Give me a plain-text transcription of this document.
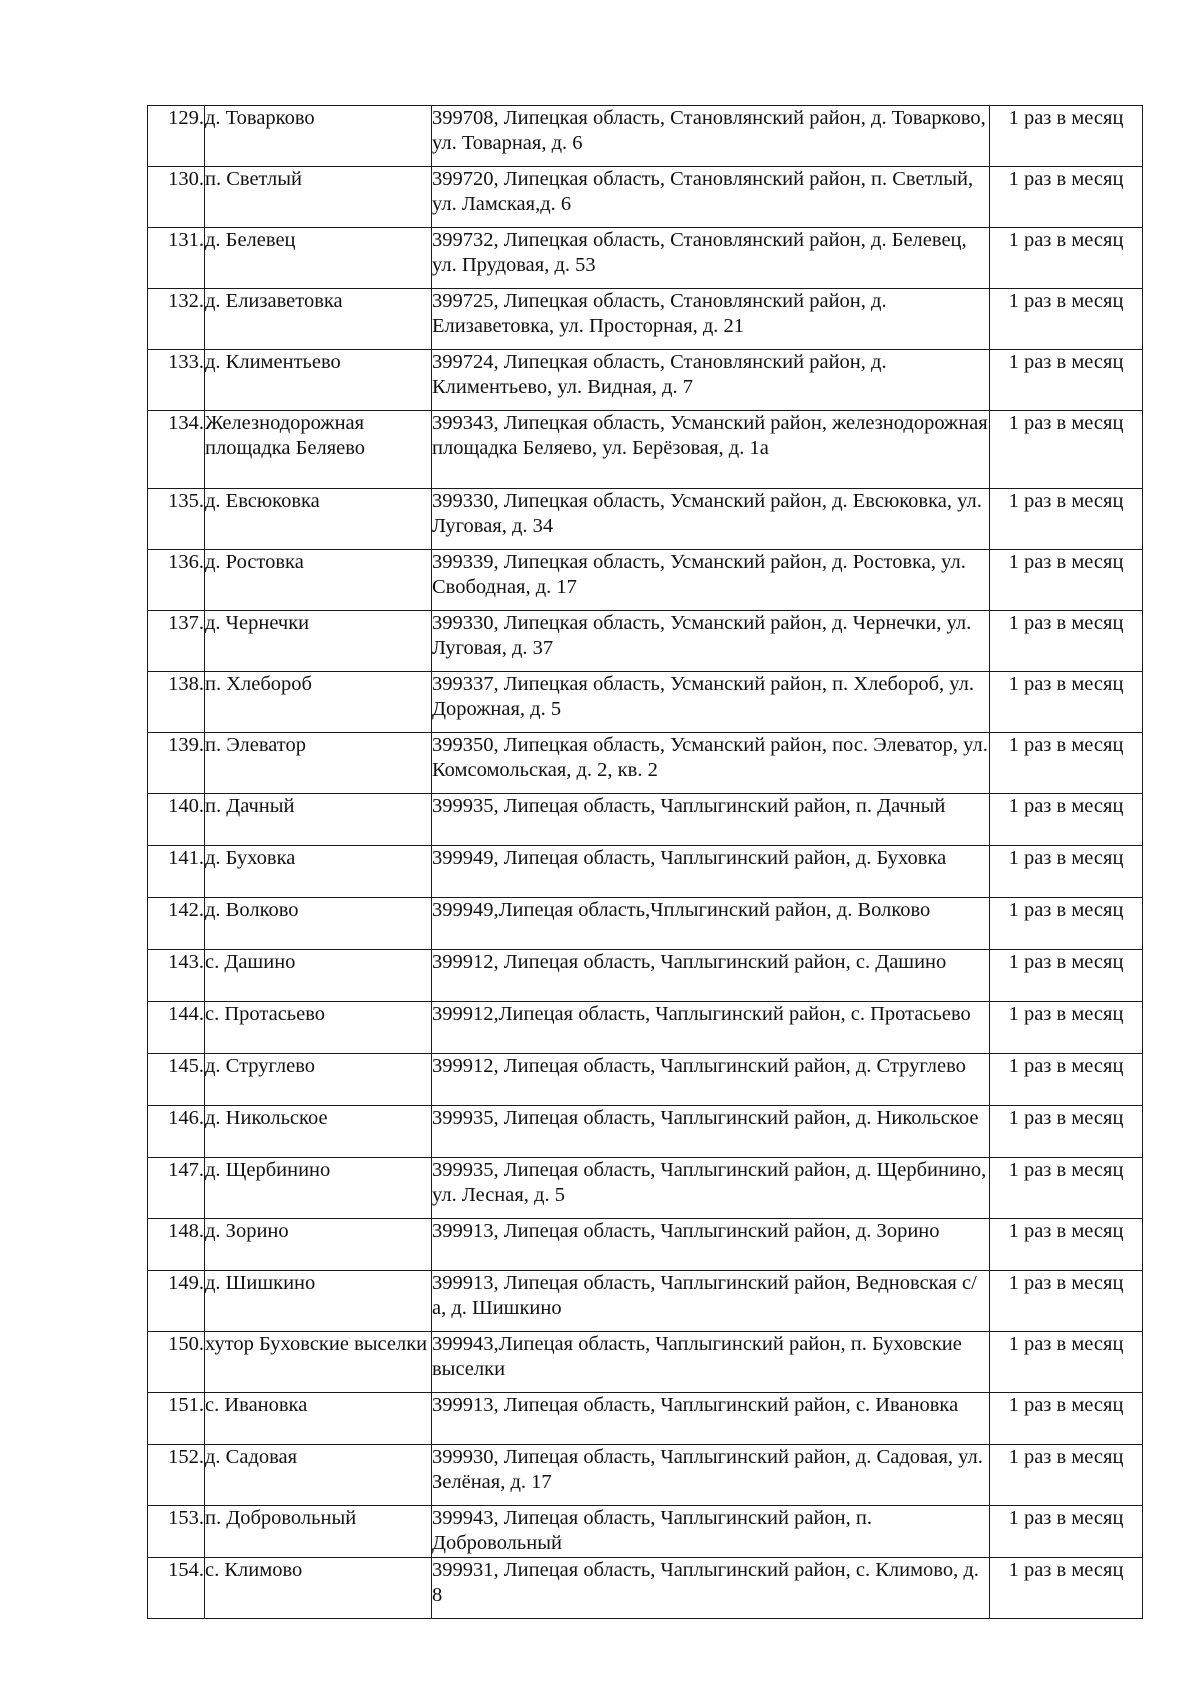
129.	д. Товарково	399708, Липецкая область, Становлянский район, д. Товарково, ул. Товарная, д. 6	1 раз в месяц
130.	п. Светлый	399720, Липецкая область, Становлянский район, п. Светлый, ул. Ламская,д. 6	1 раз в месяц
131.	д. Белевец	399732, Липецкая область, Становлянский район, д. Белевец, ул. Прудовая, д. 53	1 раз в месяц
132.	д. Елизаветовка	399725, Липецкая область, Становлянский район, д. Елизаветовка, ул. Просторная, д. 21	1 раз в месяц
133.	д. Климентьево	399724, Липецкая область, Становлянский район, д. Климентьево, ул. Видная, д. 7	1 раз в месяц
134.	Железнодорожная площадка Беляево	399343, Липецкая область, Усманский район, железнодорожная площадка Беляево, ул. Берёзовая, д. 1а	1 раз в месяц
135.	д. Евсюковка	399330, Липецкая область, Усманский район, д. Евсюковка, ул. Луговая, д. 34	1 раз в месяц
136.	д. Ростовка	399339, Липецкая область, Усманский район, д. Ростовка, ул. Свободная, д. 17	1 раз в месяц
137.	д. Чернечки	399330, Липецкая область, Усманский район, д. Чернечки, ул. Луговая, д. 37	1 раз в месяц
138.	п. Хлебороб	399337, Липецкая область, Усманский район, п. Хлебороб, ул. Дорожная, д. 5	1 раз в месяц
139.	п. Элеватор	399350, Липецкая область, Усманский район, пос. Элеватор, ул. Комсомольская, д. 2, кв. 2	1 раз в месяц
140.	п. Дачный	399935, Липецая область, Чаплыгинский район, п. Дачный	1 раз в месяц
141.	д. Буховка	399949, Липецая область, Чаплыгинский район, д. Буховка	1 раз в месяц
142.	д. Волково	399949,Липецая область,Чплыгинский район, д. Волково	1 раз в месяц
143.	с. Дашино	399912, Липецая область, Чаплыгинский район, с. Дашино	1 раз в месяц
144.	с. Протасьево	399912,Липецая область, Чаплыгинский район, с. Протасьево	1 раз в месяц
145.	д. Струглево	399912, Липецая область, Чаплыгинский район, д. Струглево	1 раз в месяц
146.	д. Никольское	399935, Липецая область, Чаплыгинский район, д. Никольское	1 раз в месяц
147.	д. Щербинино	399935, Липецая область, Чаплыгинский район, д. Щербинино, ул. Лесная, д. 5	1 раз в месяц
148.	д. Зорино	399913, Липецая область, Чаплыгинский район, д. Зорино	1 раз в месяц
149.	д. Шишкино	399913, Липецая область, Чаплыгинский район, Ведновская с/а, д. Шишкино	1 раз в месяц
150.	хутор Буховские выселки	399943,Липецая область, Чаплыгинский район, п. Буховские выселки	1 раз в месяц
151.	с. Ивановка	399913, Липецая область, Чаплыгинский район, с. Ивановка	1 раз в месяц
152.	д. Садовая	399930, Липецая область, Чаплыгинский район, д. Садовая, ул. Зелёная, д. 17	1 раз в месяц
153.	п. Добровольный	399943, Липецая область, Чаплыгинский район, п. Добровольный	1 раз в месяц
154.	с. Климово	399931, Липецая область, Чаплыгинский район, с. Климово, д. 8	1 раз в месяц
